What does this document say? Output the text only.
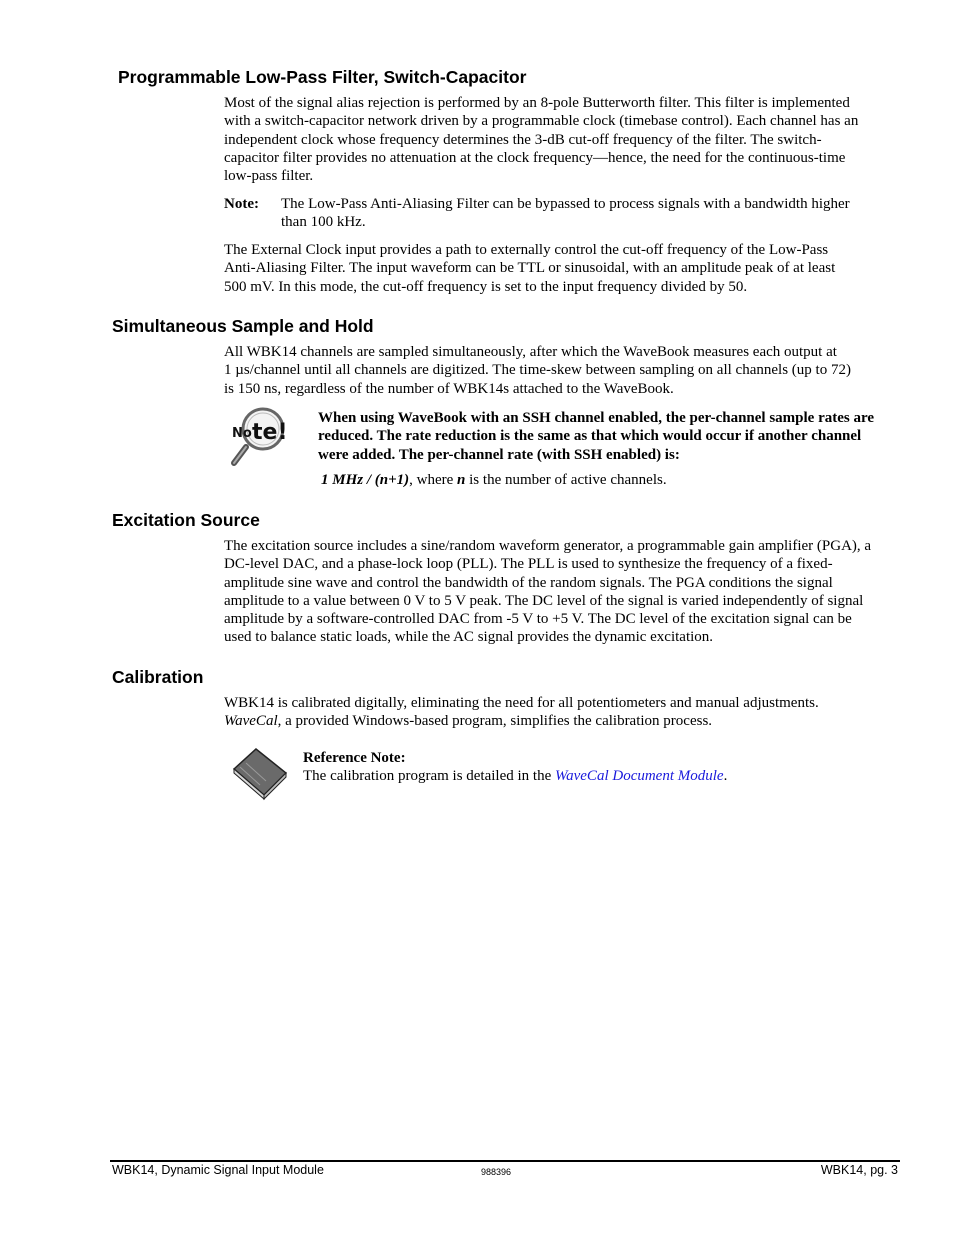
Programmable Low-Pass Filter, Switch-Capacitor

Most of the signal alias rejection is performed by an 8-pole Butterworth filter. This filter is implemented

with a switch-capacitor network driven by a programmable clock (timebase control). Each channel has an

independent clock whose frequency determines the 3-dB cut-off frequency of the filter. The switch-

capacitor filter provides no attenuation at the clock frequency—hence, the need for the continuous-time

low-pass filter.

Note: The Low-Pass Anti-Aliasing Filter can be bypassed to process signals with a bandwidth higher

than 100 kHz.

The External Clock input provides a path to externally control the cut-off frequency of the Low-Pass

Anti-Aliasing Filter. The input waveform can be TTL or sinusoidal, with an amplitude peak of at least

500 mV. In this mode, the cut-off frequency is set to the input frequency divided by 50.

Simultaneous Sample and Hold

All WBK14 channels are sampled simultaneously, after which the WaveBook measures each output at

1 µs/channel until all channels are digitized. The time-skew between sampling on all channels (up to 72)

is 150 ns, regardless of the number of WBK14s attached to the WaveBook.

No te!

When using WaveBook with an SSH channel enabled, the per-channel sample rates are

reduced. The rate reduction is the same as that which would occur if another channel

were added. The per-channel rate (with SSH enabled) is:

1 MHz / (n+1), where n is the number of active channels.
Excitation Source

The excitation source includes a sine/random waveform generator, a programmable gain amplifier (PGA), a

DC-level DAC, and a phase-lock loop (PLL). The PLL is used to synthesize the frequency of a fixed-

amplitude sine wave and control the bandwidth of the random signals. The PGA conditions the signal

amplitude to a value between 0 V to 5 V peak. The DC level of the signal is varied independently of signal

amplitude by a software-controlled DAC from -5 V to +5 V. The DC level of the excitation signal can be

used to balance static loads, while the AC signal provides the dynamic excitation.

Calibration

WBK14 is calibrated digitally, eliminating the need for all potentiometers and manual adjustments.

WaveCal, a provided Windows-based program, simplifies the calibration process.

Reference Note:

The calibration program is detailed in the WaveCal Document Module.

WBK14, Dynamic Signal Input Module	988396	WBK14, pg. 3
